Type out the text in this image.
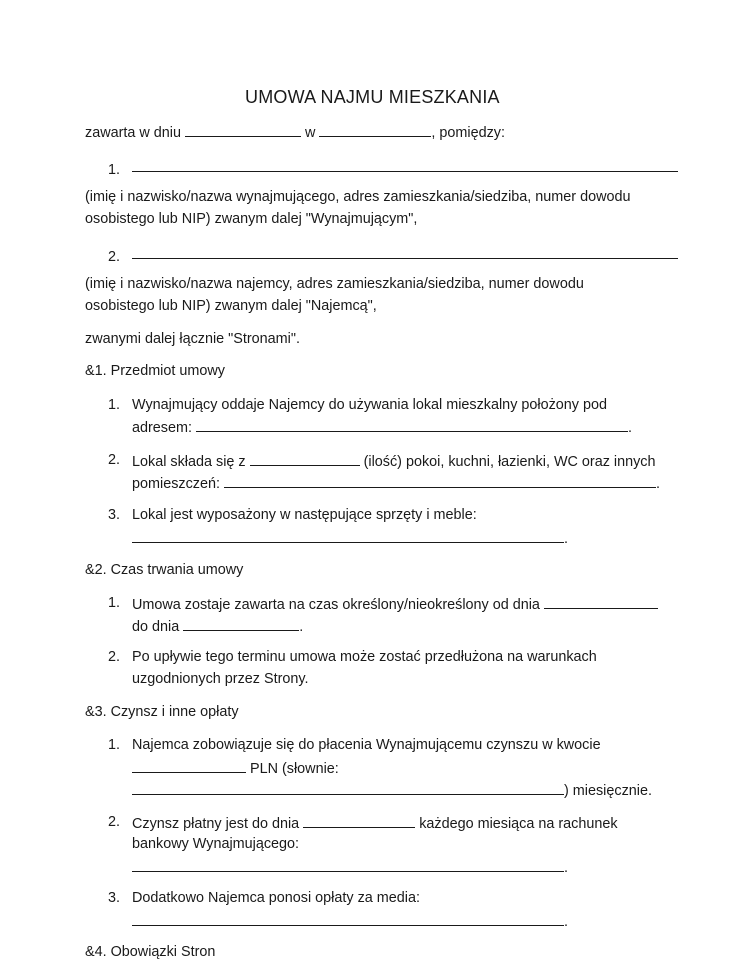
UMOWA NAJMU MIESZKANIA
zawarta w dniu	w	, pomiędzy:
1.
(imię i nazwisko/nazwa wynajmującego, adres zamieszkania/siedziba, numer dowodu
osobistego lub NIP) zwanym dalej "Wynajmującym",
2.
(imię i nazwisko/nazwa najemcy, adres zamieszkania/siedziba, numer dowodu
osobistego lub NIP) zwanym dalej "Najemcą",
zwanymi dalej łącznie "Stronami".
&1. Przedmiot umowy
1. Wynajmujący oddaje Najemcy do używania lokal mieszkalny położony pod
adresem:	.
2. Lokal składa się z	(ilość) pokoi, kuchni, łazienki, WC oraz innych
pomieszczeń:	.
3. Lokal jest wyposażony w następujące sprzęty i meble:
.
&2. Czas trwania umowy
1. Umowa zostaje zawarta na czas określony/nieokreślony od dnia
do dnia	.
2. Po upływie tego terminu umowa może zostać przedłużona na warunkach
uzgodnionych przez Strony.
&3. Czynsz i inne opłaty
1. Najemca zobowiązuje się do płacenia Wynajmującemu czynszu w kwocie
PLN (słownie:
) miesięcznie.
2. Czynsz płatny jest do dnia	każdego miesiąca na rachunek
bankowy Wynajmującego:
.
3. Dodatkowo Najemca ponosi opłaty za media:
.
&4. Obowiązki Stron
